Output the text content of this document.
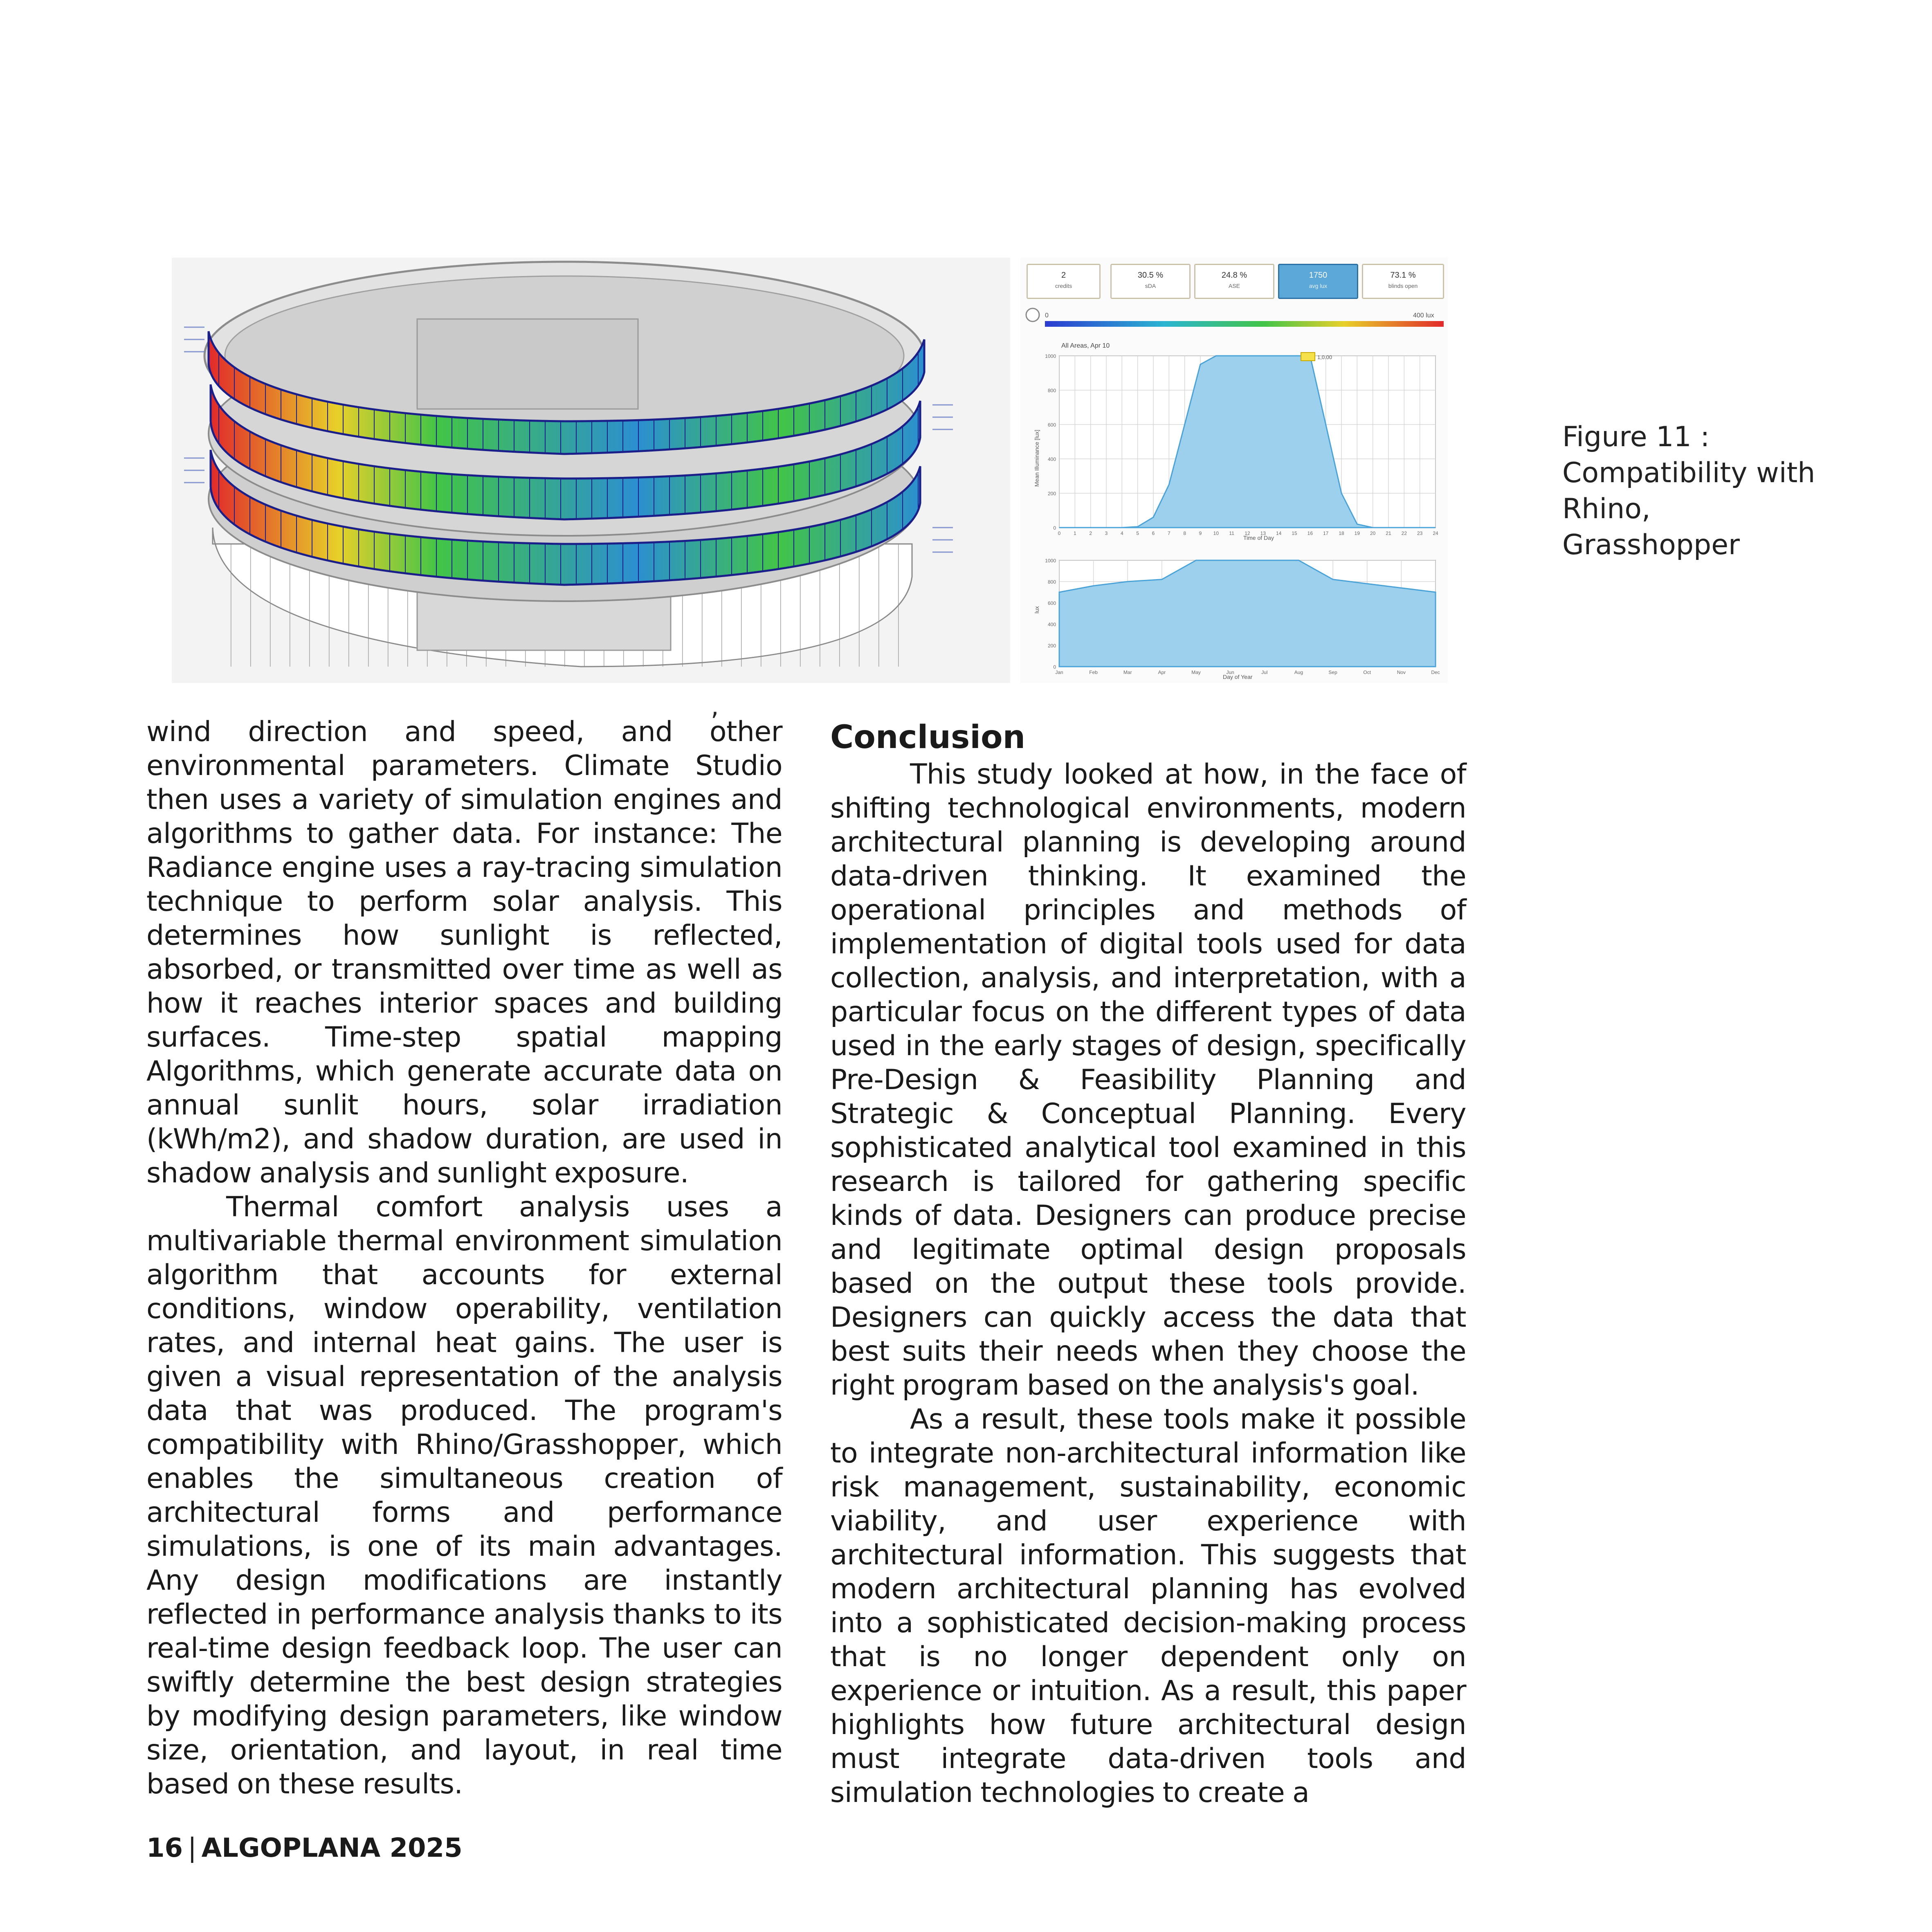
2
credits
30.5 %
sDA
24.8 %
ASE
1750
avg lux
73.1 %
blinds open
0	400 lux
All Areas, Apr 10
Day of Year
Time of Day
Mean Illuminance [lux]
lux
0
200
400
600
800
1000
0	1	2	3	4	5	6	7	8	9 10 11 12 13 14 15 16 17 18 19 20 21 22 23 24
0
200
400
600
800
1000
Jan	Feb	Mar	Apr	May	Jun	Jul	Aug	Sep	Oct	Nov	Dec
1,0.00
Figure 11 :
Compatibility with
Rhino,
Grasshopper
,

wind direction and speed, and other environmental parameters. Climate Studio then uses a variety of simulation engines and algorithms to gather data. For instance: The Radiance engine uses a ray-tracing simulation technique to perform solar analysis. This determines how sunlight is reflected, absorbed, or transmitted over time as well as how it reaches interior spaces and building surfaces. Time-step spatial mapping Algorithms, which generate accurate data on annual sunlit hours, solar irradiation (kWh/m2), and shadow duration, are used in shadow analysis and sunlight exposure.

Thermal comfort analysis uses a multivariable thermal environment simulation algorithm that accounts for external conditions, window operability, ventilation rates, and internal heat gains. The user is given a visual representation of the analysis data that was produced. The program's compatibility with Rhino/Grasshopper, which enables the simultaneous creation of architectural forms and performance simulations, is one of its main advantages. Any design modifications are instantly reflected in performance analysis thanks to its real-time design feedback loop. The user can swiftly determine the best design strategies by modifying design parameters, like window size, orientation, and layout, in real time based on these results.

Conclusion

This study looked at how, in the face of shifting technological environments, modern architectural planning is developing around data-driven thinking. It examined the operational principles and methods of implementation of digital tools used for data collection, analysis, and interpretation, with a particular focus on the different types of data used in the early stages of design, specifically Pre-Design & Feasibility Planning and Strategic & Conceptual Planning. Every sophisticated analytical tool examined in this research is tailored for gathering specific kinds of data. Designers can produce precise and legitimate optimal design proposals based on the output these tools provide. Designers can quickly access the data that best suits their needs when they choose the right program based on the analysis's goal.

As a result, these tools make it possible to integrate non-architectural information like risk management, sustainability, economic viability, and user experience with architectural information. This suggests that modern architectural planning has evolved into a sophisticated decision-making process that is no longer dependent only on experience or intuition. As a result, this paper highlights how future architectural design must integrate data-driven tools and simulation technologies to create a

16 | ALGOPLANA 2025
